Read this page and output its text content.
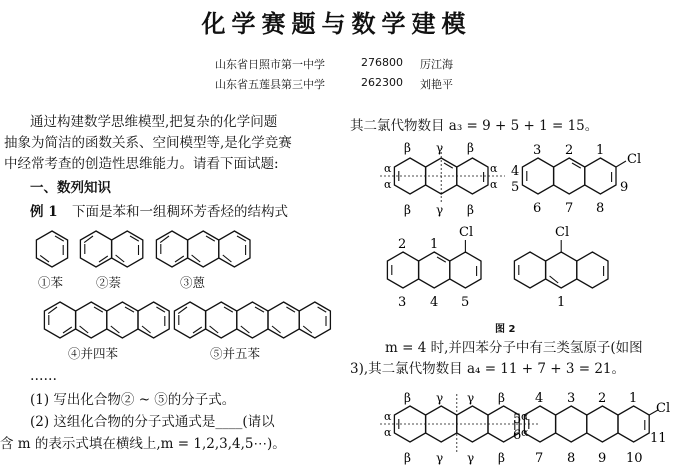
化学赛题与数学建模
山东省日照市第一中学	276800 厉江海
山东省五莲县第三中学	262300 刘艳平
通过构建数学思维模型,把复杂的化学问题
抽象为简洁的函数关系、空间模型等,是化学竞赛
中经常考查的创造性思维能力。请看下面试题:
一、数列知识
例 1 下面是苯和一组稠环芳香烃的结构式
①苯	②萘	③蒽
④并四苯	⑤并五苯
……
(1) 写出化合物② ~ ⑤的分子式。
(2) 这组化合物的分子式通式是____(请以
含 m 的表示式填在横线上,m = 1,2,3,4,5⋯)。
其二氯代物数目 a₃ = 9 + 5 + 1 = 15。
β γ β
β γ β
α
α
α
α
3 2 1
Cl
4
5	9
6 7 8
Cl
2 1
3 4 5
Cl
1
图 2
m = 4 时,并四苯分子中有三类氢原子(如图
3),其二氯代物数目 a₄ = 11 + 7 + 3 = 21。
β γ γ β
β γ γ β
α
α
α
α
4 3 2 1
Cl
5
6	11
7 8 9 10
